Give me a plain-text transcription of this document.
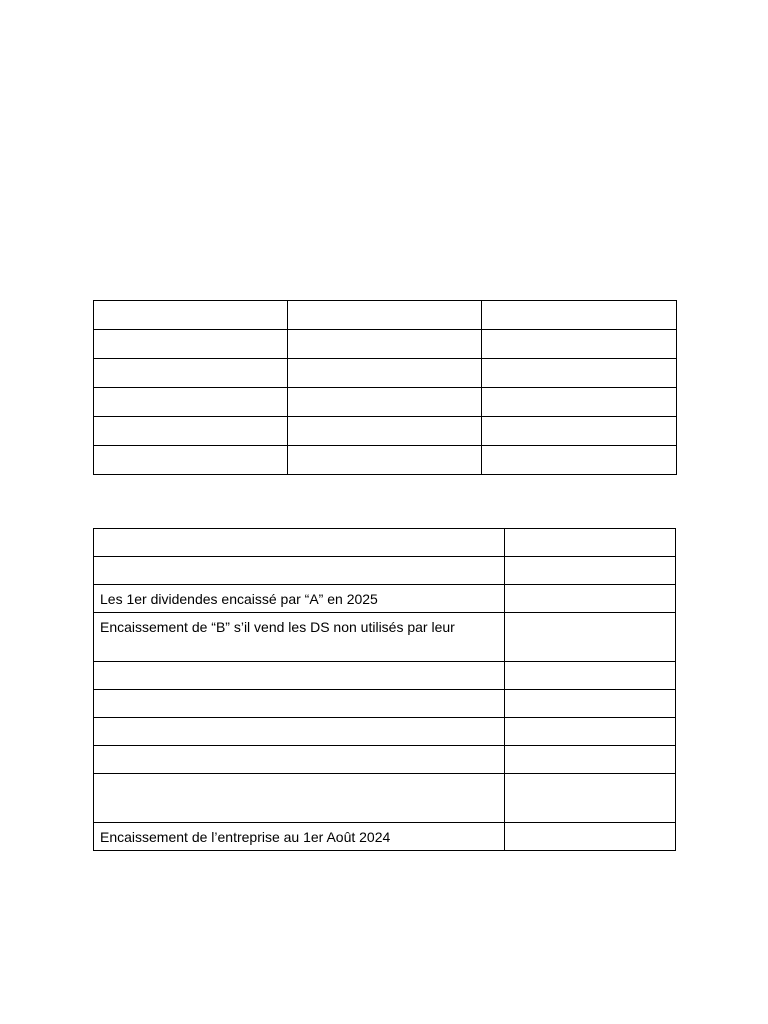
Les 1er dividendes encaissé par “A” en 2025	
Encaissement de “B” s’il vend les DS non utilisés par leur	

Encaissement de l’entreprise au 1er Août 2024	
